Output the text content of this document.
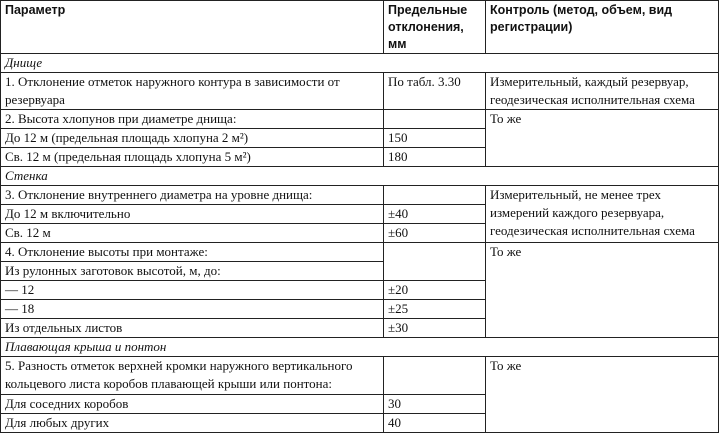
Параметр	Предельные отклонения, мм	Контроль (метод, объем, вид регистрации)
Днище		
1. Отклонение отметок наружного контура в зависимости от резервуара	По табл. 3.30	Измерительный, каждый резервуар, геодезическая исполнительная схема
2. Высота хлопунов при диаметре днища:		То же
До 12 м (предельная площадь хлопуна 2 м²)	150	
Св. 12 м (предельная площадь хлопуна 5 м²)	180	
Стенка		
3. Отклонение внутреннего диаметра на уровне днища:		Измерительный, не менее трех измерений каждого резервуара, геодезическая исполнительная схема
До 12 м включительно	±40	
Св. 12 м	±60	
4. Отклонение высоты при монтаже:		То же
Из рулонных заготовок высотой, м, до:		
— 12	±20	
— 18	±25	
Из отдельных листов	±30	
Плавающая крыша и понтон		
5. Разность отметок верхней кромки наружного вертикального кольцевого листа коробов плавающей крыши или понтона:		То же
Для соседних коробов	30	
Для любых других	40	
